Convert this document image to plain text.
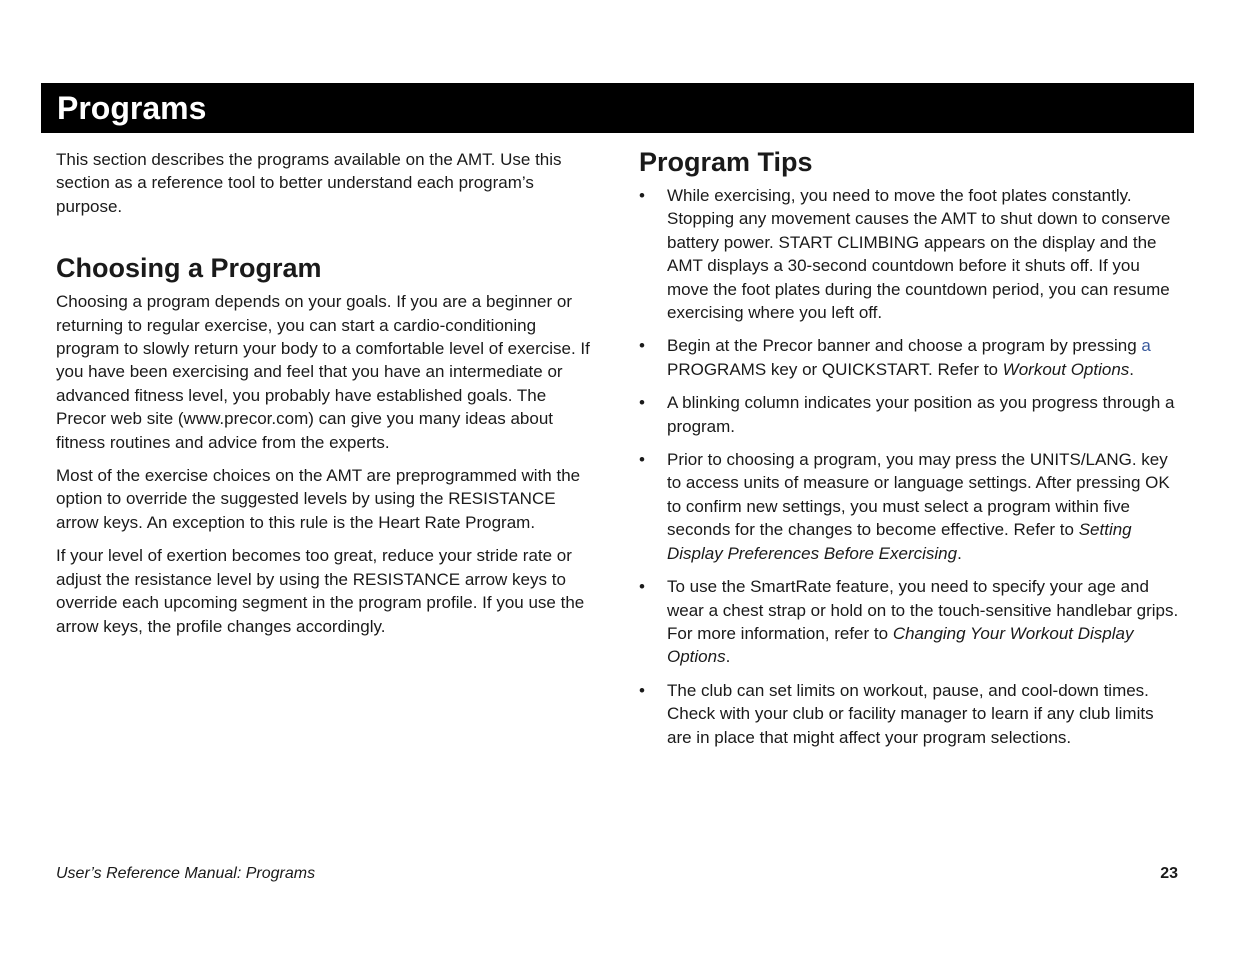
Programs

This section describes the programs available on the AMT. Use this section as a reference tool to better understand each program’s purpose.

Choosing a Program

Choosing a program depends on your goals. If you are a beginner or returning to regular exercise, you can start a cardio-conditioning program to slowly return your body to a comfortable level of exercise. If you have been exercising and feel that you have an intermediate or advanced fitness level, you probably have established goals. The Precor web site (www.precor.com) can give you many ideas about fitness routines and advice from the experts.

Most of the exercise choices on the AMT are preprogrammed with the option to override the suggested levels by using the RESISTANCE arrow keys. An exception to this rule is the Heart Rate Program.

If your level of exertion becomes too great, reduce your stride rate or adjust the resistance level by using the RESISTANCE arrow keys to override each upcoming segment in the program profile. If you use the arrow keys, the profile changes accordingly.

Program Tips
• While exercising, you need to move the foot plates constantly. Stopping any movement causes the AMT to shut down to conserve battery power. START CLIMBING appears on the display and the AMT displays a 30-second countdown before it shuts off. If you move the foot plates during the countdown period, you can resume exercising where you left off.
• Begin at the Precor banner and choose a program by pressing a PROGRAMS key or QUICKSTART. Refer to Workout Options.
• A blinking column indicates your position as you progress through a program.
• Prior to choosing a program, you may press the UNITS/LANG. key to access units of measure or language settings. After pressing OK to confirm new settings, you must select a program within five seconds for the changes to become effective. Refer to Setting Display Preferences Before Exercising.
• To use the SmartRate feature, you need to specify your age and wear a chest strap or hold on to the touch-sensitive handlebar grips. For more information, refer to Changing Your Workout Display Options.
• The club can set limits on workout, pause, and cool-down times. Check with your club or facility manager to learn if any club limits are in place that might affect your program selections.
User’s Reference Manual: Programs	23
